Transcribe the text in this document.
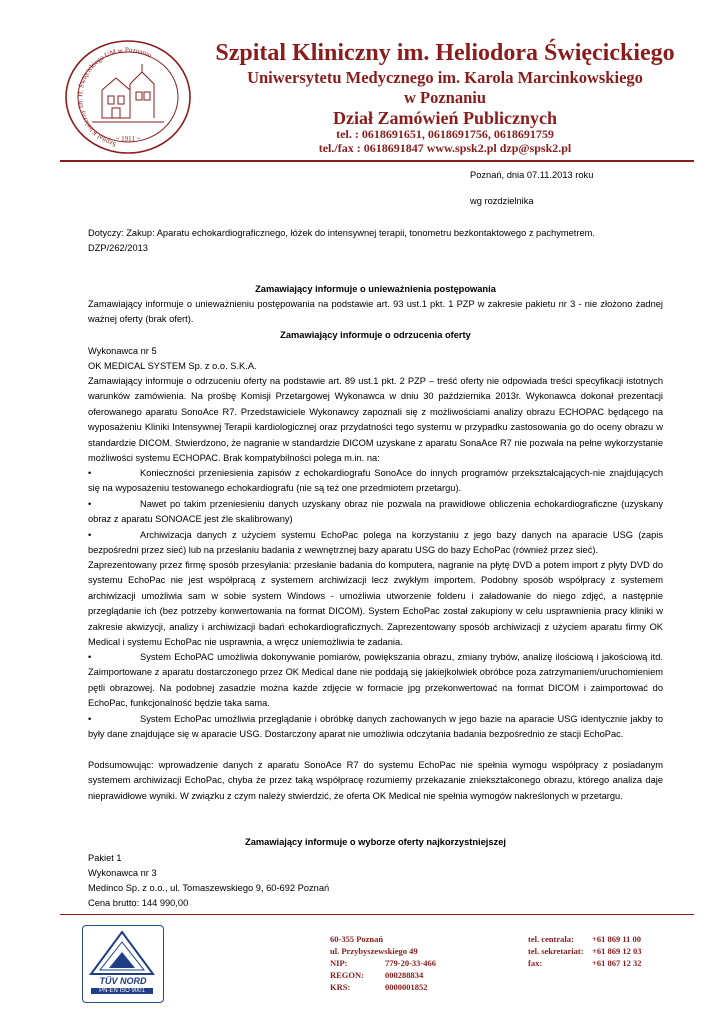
Szpital Kliniczny im. H. Święcickiego UM w Poznaniu
~ 1911 ~
Szpital Kliniczny im. Heliodora Święcickiego
Uniwersytetu Medycznego im. Karola Marcinkowskiego
w Poznaniu
Dział Zamówień Publicznych
tel. : 0618691651, 0618691756, 0618691759
tel./fax : 0618691847 www.spsk2.pl dzp@spsk2.pl
Poznań, dnia 07.11.2013 roku
wg rozdzielnika
Dotyczy: Zakup: Aparatu echokardiograficznego, łóżek do intensywnej terapii, tonometru bezkontaktowego z pachymetrem.
DZP/262/2013
Zamawiający informuje o unieważnienia postępowania
Zamawiający informuje o unieważnieniu postępowania na podstawie art. 93 ust.1 pkt. 1 PZP w zakresie pakietu nr 3 - nie złożono żadnej ważnej oferty (brak ofert).
Zamawiający informuje o odrzucenia oferty
Wykonawca nr 5
OK MEDICAL SYSTEM Sp. z o.o. S.K.A.
Zamawiający informuje o odrzuceniu oferty na podstawie art. 89 ust.1 pkt. 2 PZP – treść oferty nie odpowiada treści specyfikacji istotnych warunków zamówienia. Na prośbę Komisji Przetargowej Wykonawca w dniu 30 października 2013r. Wykonawca dokonał prezentacji oferowanego aparatu SonoAce R7. Przedstawiciele Wykonawcy zapoznali się z możliwościami analizy obrazu ECHOPAC będącego na wyposażeniu Kliniki Intensywnej Terapii kardiologicznej oraz przydatności tego systemu w przypadku zastosowania go do oceny obrazu w standardzie DICOM. Stwierdzono, że nagranie w standardzie DICOM uzyskane z aparatu SonaAce R7 nie pozwala na pełne wykorzystanie możliwości systemu ECHOPAC. Brak kompatybilności polega m.in. na:
•	Konieczności przeniesienia zapisów z echokardiografu SonoAce do innych programów przekształcających-nie znajdujących się na wyposażeniu testowanego echokardiografu (nie są też one przedmiotem przetargu).
•	Nawet po takim przeniesieniu danych uzyskany obraz nie pozwala na prawidłowe obliczenia echokardiograficzne (uzyskany obraz z aparatu SONOACE jest źle skalibrowany)
•	Archiwizacja danych z użyciem systemu EchoPac polega na korzystaniu z jego bazy danych na aparacie USG (zapis bezpośredni przez sieć) lub na przesłaniu badania z wewnętrznej bazy aparatu USG do bazy EchoPac (również przez sieć).
Zaprezentowany przez firmę sposób przesyłania: przesłanie badania do komputera, nagranie na płytę DVD a potem import z płyty DVD do systemu EchoPac nie jest współpracą z systemem archiwizacji lecz zwykłym importem. Podobny sposób współpracy z systemem archiwizacji umożliwia sam w sobie system Windows - umożliwia utworzenie folderu i załadowanie do niego zdjęć, a następnie przeglądanie ich (bez potrzeby konwertowania na format DICOM). System EchoPac został zakupiony w celu usprawnienia pracy kliniki w zakresie akwizycji, analizy i archiwizacji badań echokardiograficznych. Zaprezentowany sposób archiwizacji z użyciem aparatu firmy OK Medical i systemu EchoPac nie usprawnia, a wręcz uniemożliwia te zadania.
•	System EchoPAC umożliwia dokonywanie pomiarów, powiększania obrazu, zmiany trybów, analizę ilościową i jakościową itd. Zaimportowane z aparatu dostarczonego przez OK Medical dane nie poddają się jakiejkolwiek obróbce poza zatrzymaniem/uruchomieniem pętli obrazowej. Na podobnej zasadzie można każde zdjęcie w formacie jpg przekonwertować na format DICOM i zaimportować do EchoPac, funkcjonalność będzie taka sama.
•	System EchoPac umożliwia przeglądanie i obróbkę danych zachowanych w jego bazie na aparacie USG identycznie jakby to były dane znajdujące się w aparacie USG. Dostarczony aparat nie umożliwia odczytania badania bezpośrednio ze stacji EchoPac.
Podsumowując: wprowadzenie danych z aparatu SonoAce R7 do systemu EchoPac nie spełnia wymogu współpracy z posiadanym systemem archiwizacji EchoPac, chyba że przez taką współpracę rozumiemy przekazanie zniekształconego obrazu, którego analiza daje nieprawidłowe wyniki. W związku z czym należy stwierdzić, że oferta OK Medical nie spełnia wymogów nakreślonych w przetargu.
Zamawiający informuje o wyborze oferty najkorzystniejszej
Pakiet 1
Wykonawca nr 3
Medinco Sp. z o.o., ul. Tomaszewskiego 9, 60-692 Poznań
Cena brutto: 144 990,00
TÜV NORD
PN-EN ISO 9001
60-355 Poznań
ul. Przybyszewskiego 49
NIP:	779-20-33-466
REGON: 000288834
KRS:	0000001852
tel. centrala: +61 869 11 00
tel. sekretariat: +61 869 12 03
fax:	+61 867 12 32
